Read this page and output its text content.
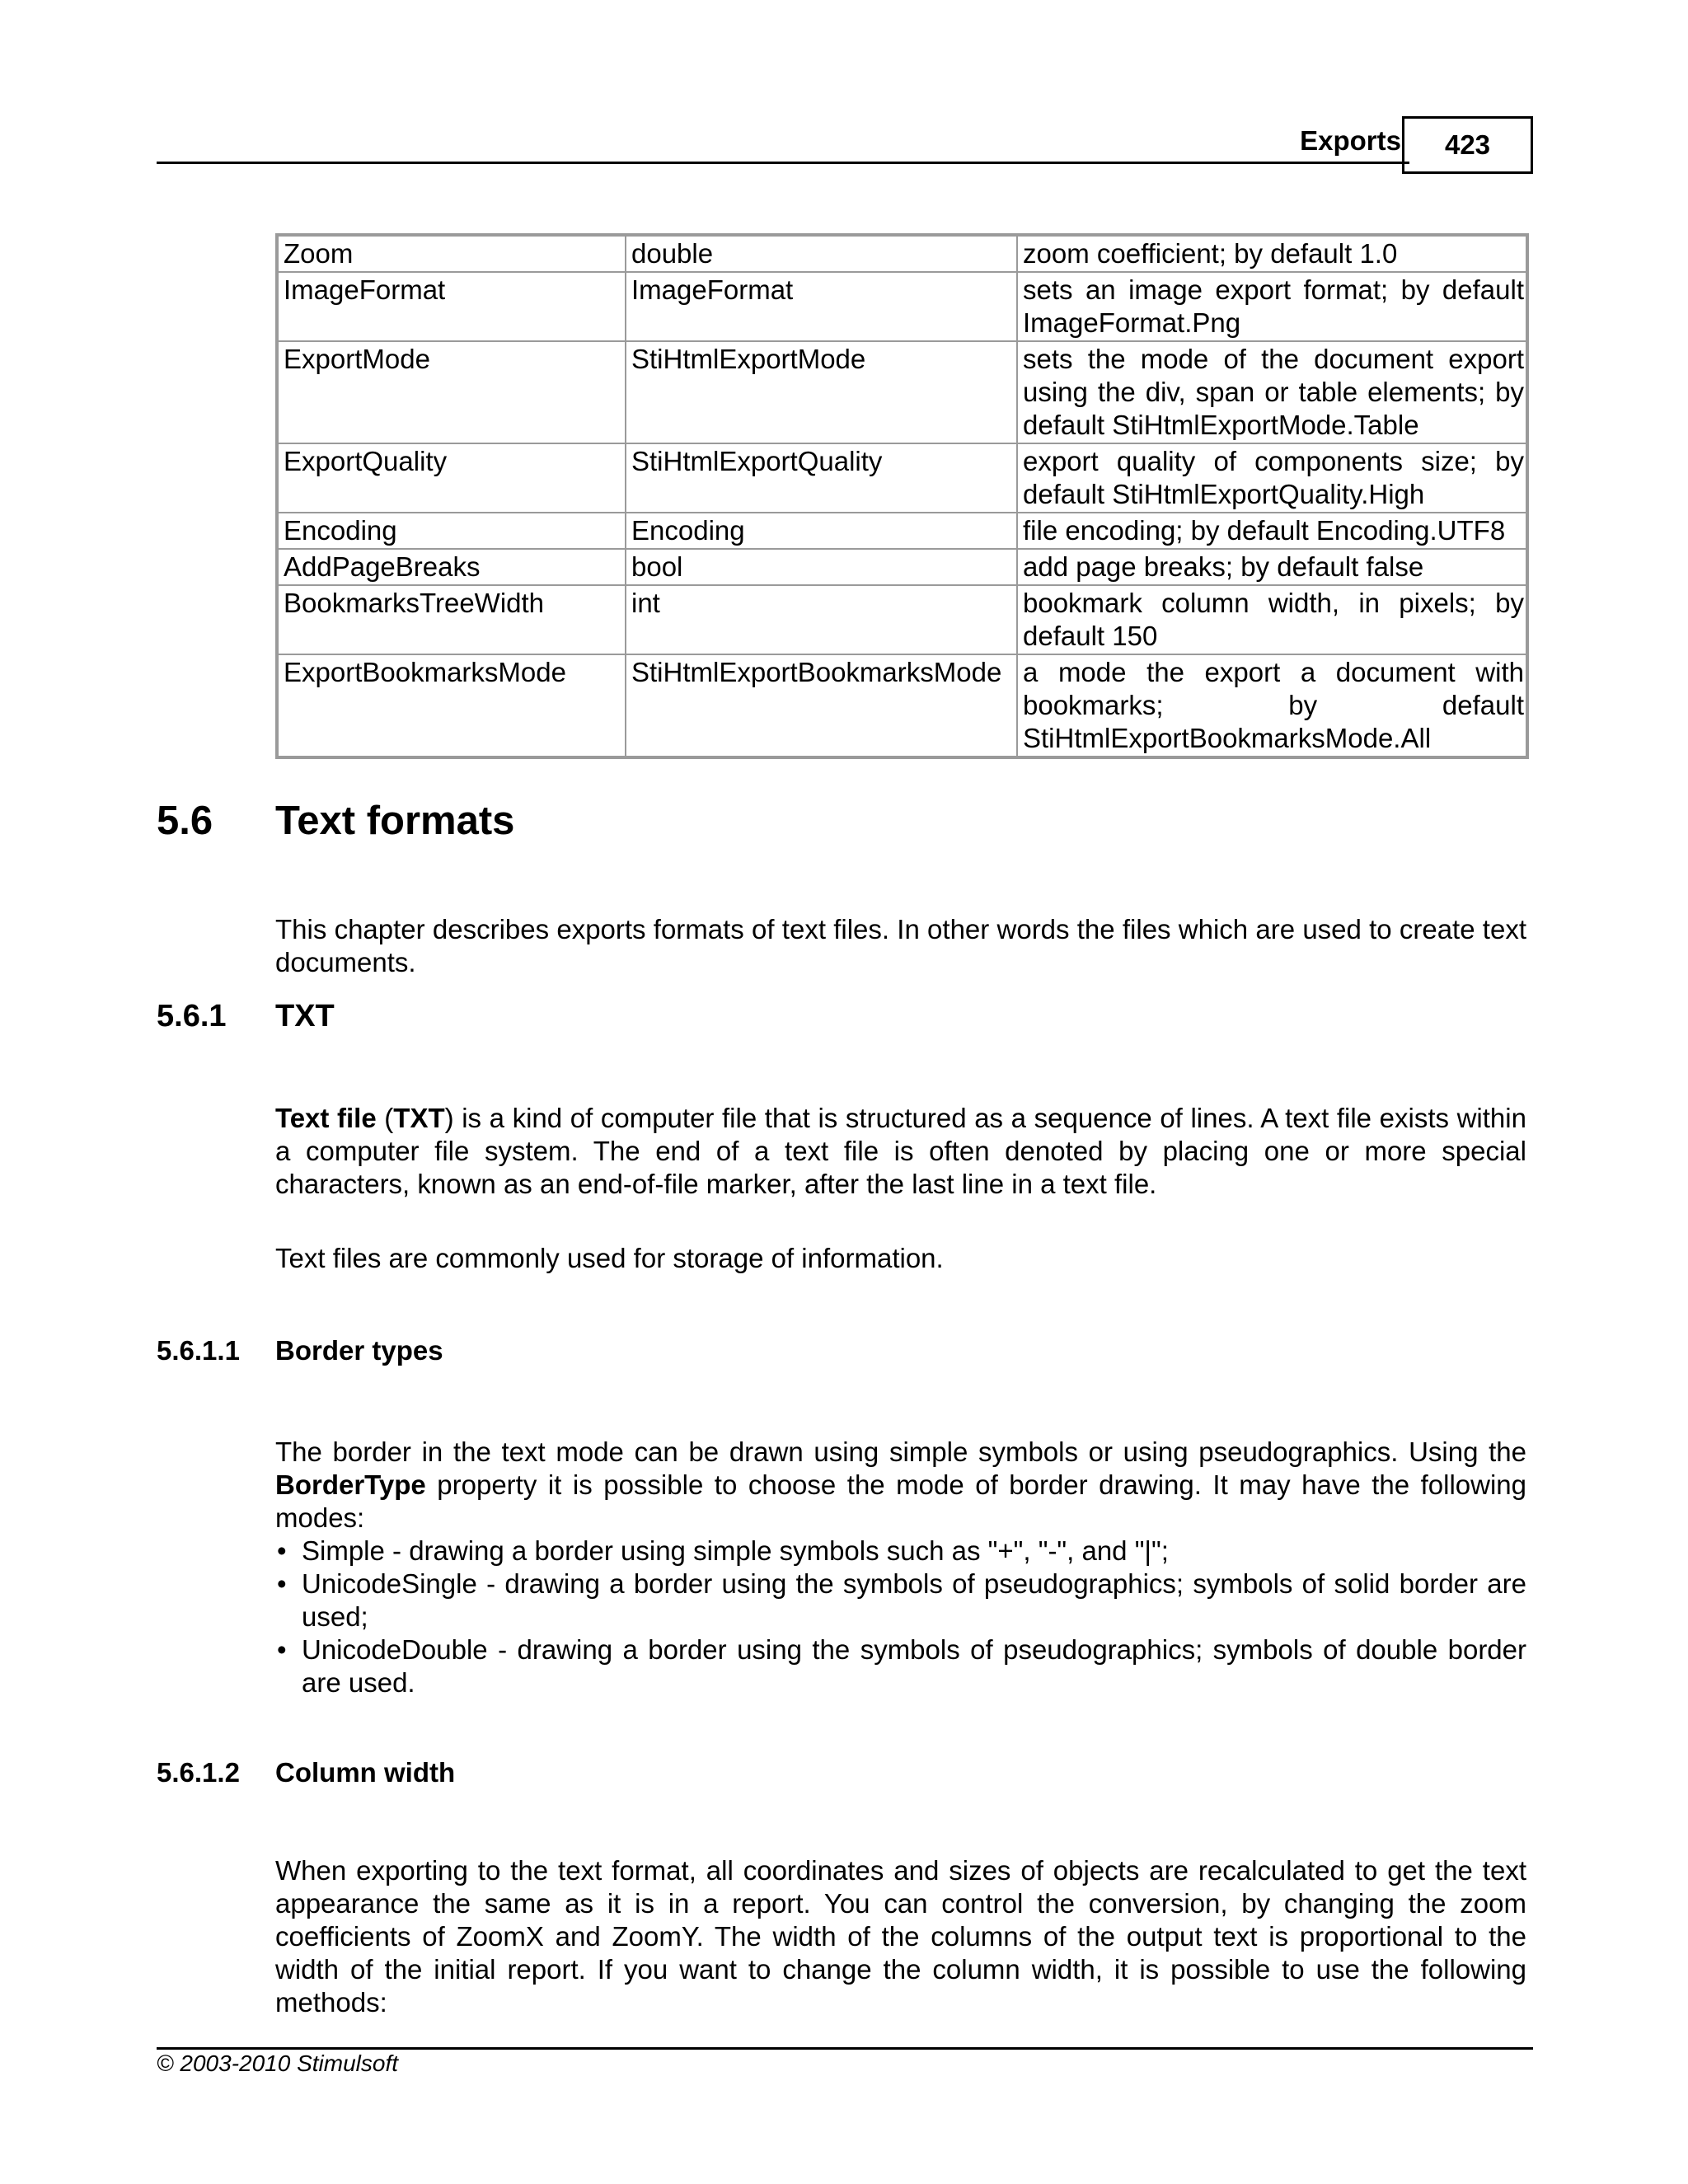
Exports	423
Zoom	double	zoom coefficient; by default 1.0
ImageFormat	ImageFormat	sets an image export format; by default ImageFormat.Png
ExportMode	StiHtmlExportMode	sets the mode of the document export using the div, span or table elements; by default StiHtmlExportMode.Table
ExportQuality	StiHtmlExportQuality	export quality of components size; by default StiHtmlExportQuality.High
Encoding	Encoding	file encoding; by default Encoding.UTF8
AddPageBreaks	bool	add page breaks; by default false
BookmarksTreeWidth	int	bookmark column width, in pixels; by default 150
ExportBookmarksMode	StiHtmlExportBookmarksMode	a mode the export a document with bookmarks; by default
StiHtmlExportBookmarksMode.All
5.6 Text formats

This chapter describes exports formats of text files. In other words the files which are used to create text documents.

5.6.1 TXT

Text file (TXT) is a kind of computer file that is structured as a sequence of lines. A text file exists within a computer file system. The end of a text file is often denoted by placing one or more special characters, known as an end-of-file marker, after the last line in a text file.

Text files are commonly used for storage of information.

5.6.1.1 Border types

The border in the text mode can be drawn using simple symbols or using pseudographics. Using the BorderType property it is possible to choose the mode of border drawing. It may have the following modes:

• Simple - drawing a border using simple symbols such as "+", "-", and "|";
• UnicodeSingle - drawing a border using the symbols of pseudographics; symbols of solid border are used;
• UnicodeDouble - drawing a border using the symbols of pseudographics; symbols of double border are used.
5.6.1.2 Column width

When exporting to the text format, all coordinates and sizes of objects are recalculated to get the text appearance the same as it is in a report. You can control the conversion, by changing the zoom coefficients of ZoomX and ZoomY. The width of the columns of the output text is proportional to the width of the initial report. If you want to change the column width, it is possible to use the following methods:

© 2003-2010 Stimulsoft
